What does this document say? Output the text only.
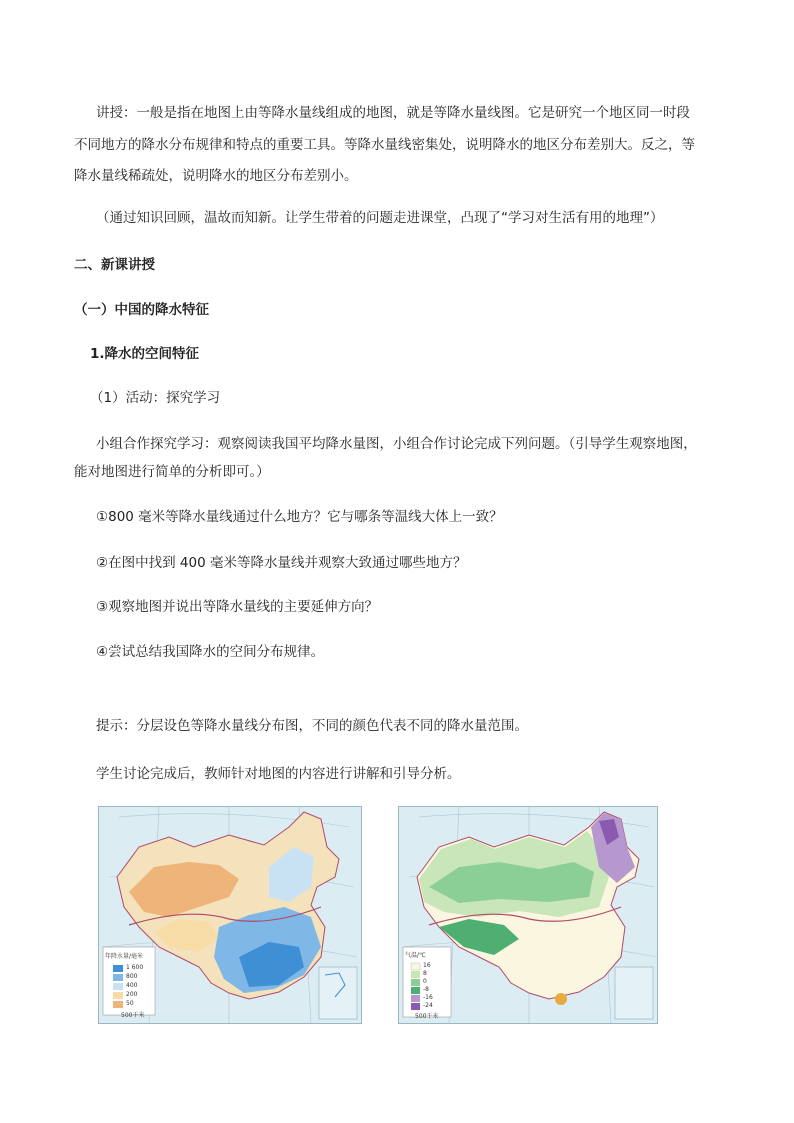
讲授：一般是指在地图上由等降水量线组成的地图，就是等降水量线图。它是研究一个地区同一时段
不同地方的降水分布规律和特点的重要工具。等降水量线密集处，说明降水的地区分布差别大。反之，等
降水量线稀疏处，说明降水的地区分布差别小。
（通过知识回顾，温故而知新。让学生带着的问题走进课堂，凸现了“学习对生活有用的地理”）
二、新课讲授
（一）中国的降水特征
1.降水的空间特征
（1）活动：探究学习
小组合作探究学习：观察阅读我国平均降水量图，小组合作讨论完成下列问题。（引导学生观察地图，
能对地图进行简单的分析即可。）
①800 毫米等降水量线通过什么地方？它与哪条等温线大体上一致？
②在图中找到 400 毫米等降水量线并观察大致通过哪些地方？
③观察地图并说出等降水量线的主要延伸方向？
④尝试总结我国降水的空间分布规律。
提示：分层设色等降水量线分布图，不同的颜色代表不同的降水量范围。
学生讨论完成后，教师针对地图的内容进行讲解和引导分析。
年降水量/毫米
1 600
800
400
200
50
500千米
气温/℃
16
8
0
-8
-16
-24
500千米
